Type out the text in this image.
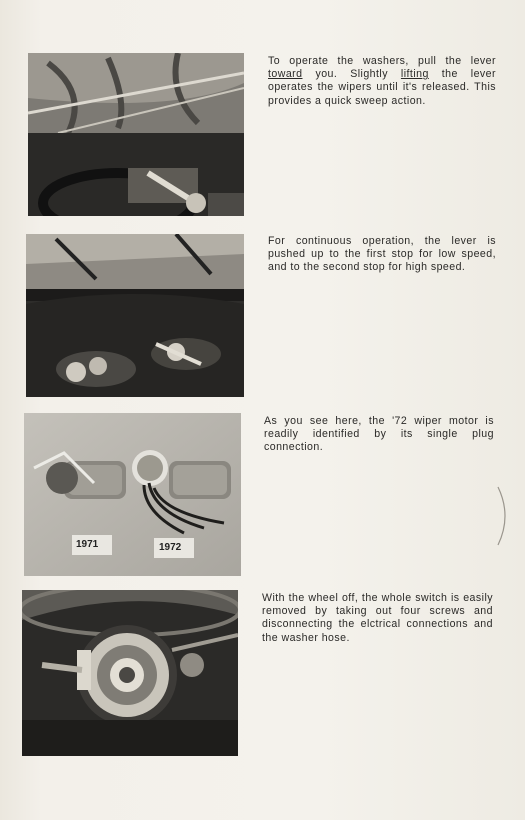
To operate the washers, pull the lever toward you. Slightly lifting the lever operates the wipers until it's released. This provides a quick sweep action.
For continuous operation, the lever is pushed up to the first stop for low speed, and to the second stop for high speed.
1971	1972
As you see here, the '72 wiper motor is readily identified by its single plug connection.
With the wheel off, the whole switch is easily removed by taking out four screws and disconnecting the elctrical connections and the washer hose.
